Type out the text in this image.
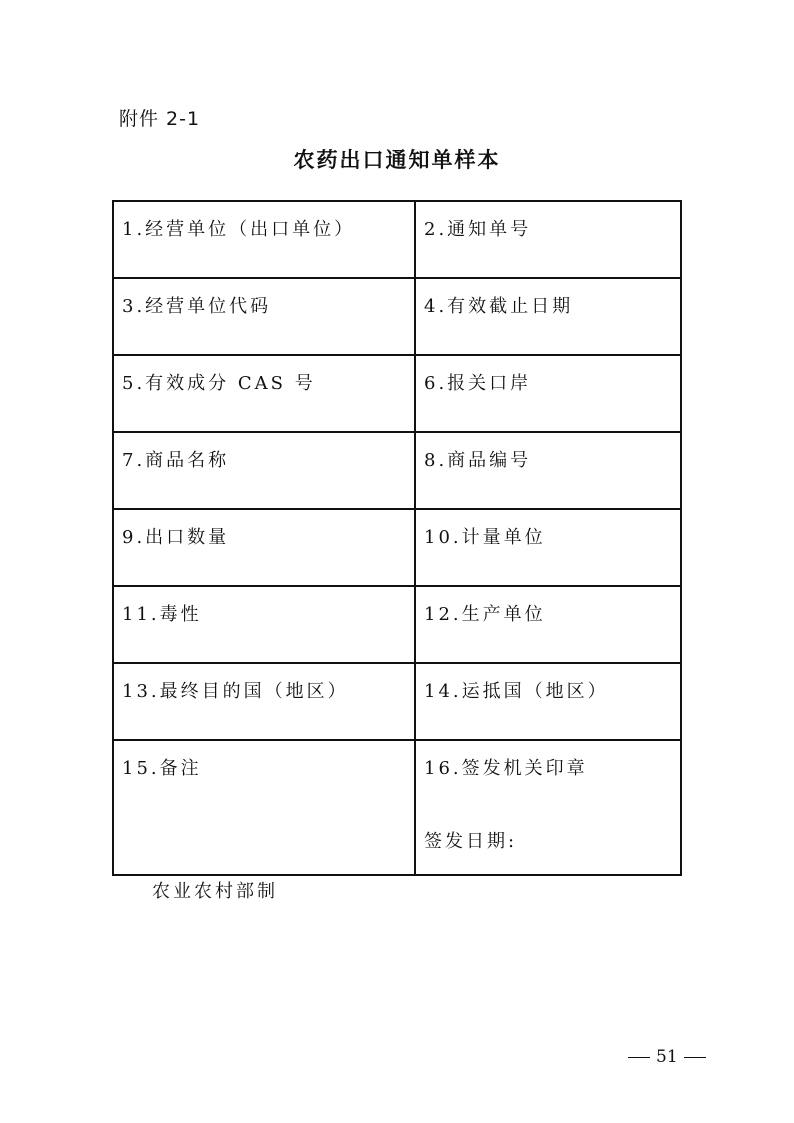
附件 2-1
农药出口通知单样本
1.经营单位（出口单位）	2.通知单号
3.经营单位代码	4.有效截止日期
5.有效成分 CAS 号	6.报关口岸
7.商品名称	8.商品编号
9.出口数量	10.计量单位
11.毒性	12.生产单位
13.最终目的国（地区）	14.运抵国（地区）
15.备注	16.签发机关印章
签发日期:
农业农村部制
51
